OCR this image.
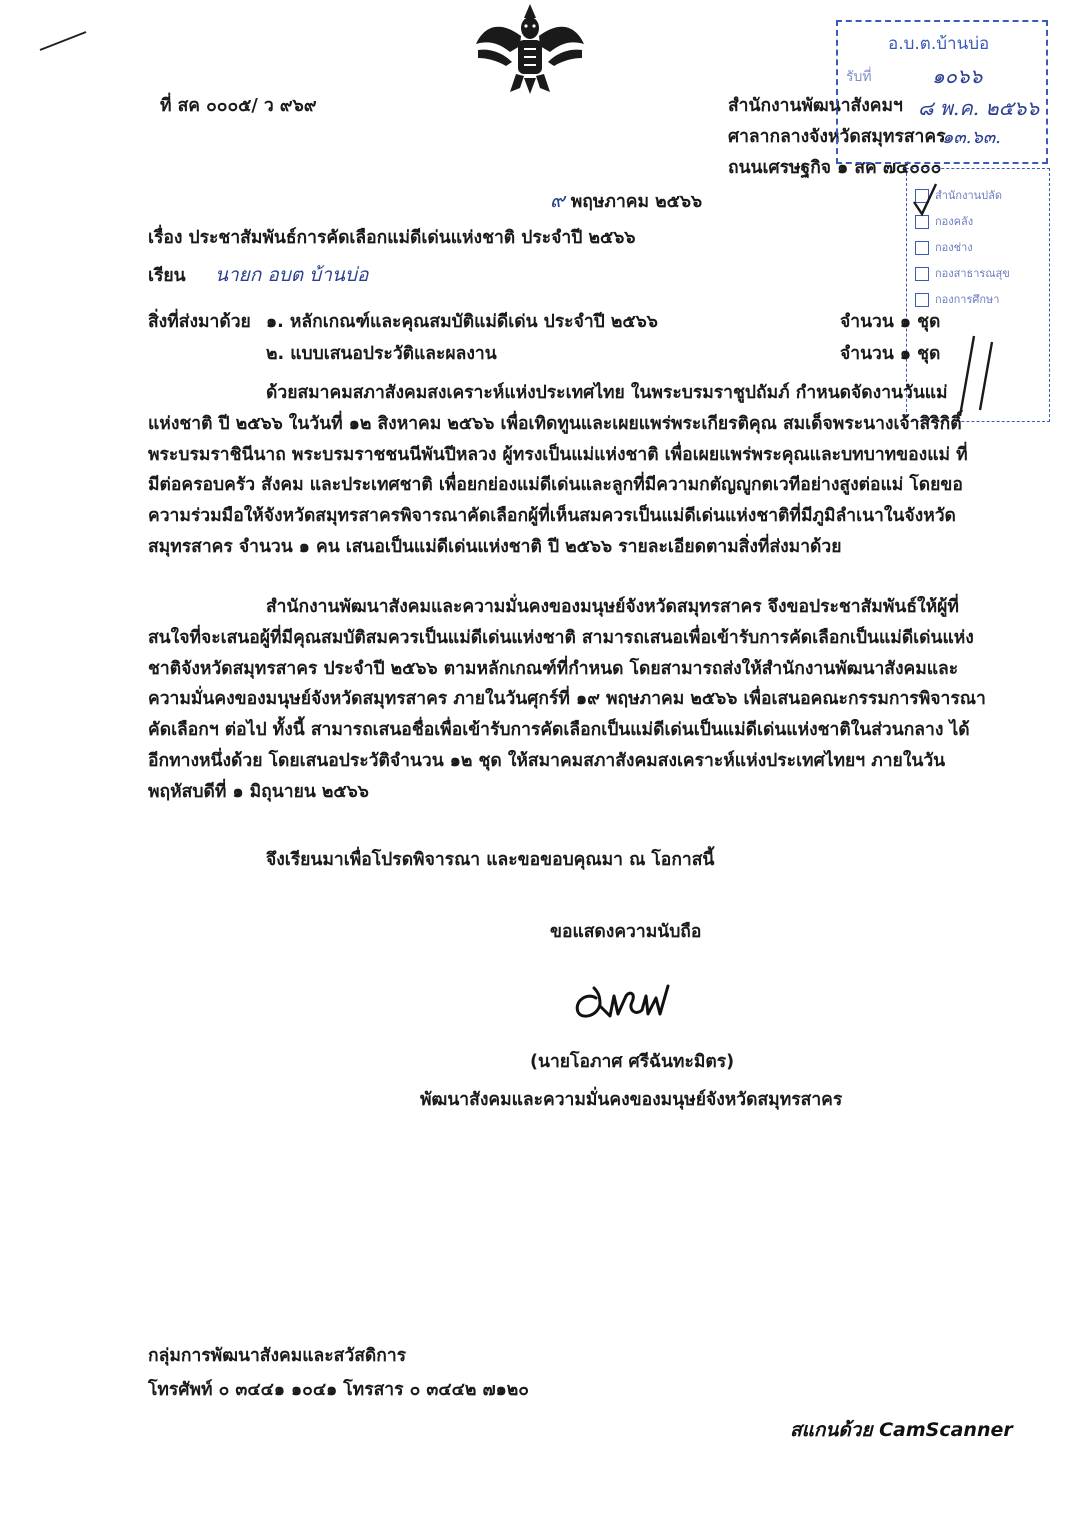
ที่ สค ๐๐๐๕/ ว ๙๖๙	สำนักงานพัฒนาสังคมฯ
ศาลากลางจังหวัดสมุทรสาคร
ถนนเศรษฐกิจ ๑ สค ๗๔๐๐๐
อ.บ.ต.บ้านบ่อ
รับที่	๑๐๖๖
๘ พ.ค. ๒๕๖๖
๑๓.๖๓.
๙ พฤษภาคม ๒๕๖๖	สำนักงานปลัด
กองคลัง
กองช่าง
กองสาธารณสุข
กองการศึกษา
เรื่อง ประชาสัมพันธ์การคัดเลือกแม่ดีเด่นแห่งชาติ ประจำปี ๒๕๖๖
เรียน นายก อบต บ้านบ่อ
สิ่งที่ส่งมาด้วย ๑. หลักเกณฑ์และคุณสมบัติแม่ดีเด่น ประจำปี ๒๕๖๖	จำนวน ๑ ชุด
๒. แบบเสนอประวัติและผลงาน	จำนวน ๑ ชุด
ด้วยสมาคมสภาสังคมสงเคราะห์แห่งประเทศไทย ในพระบรมราชูปถัมภ์ กำหนดจัดงานวันแม่แห่งชาติ ปี ๒๕๖๖ ในวันที่ ๑๒ สิงหาคม ๒๕๖๖ เพื่อเทิดทูนและเผยแพร่พระเกียรติคุณ สมเด็จพระนางเจ้าสิริกิติ์ พระบรมราชินีนาถ พระบรมราชชนนีพันปีหลวง ผู้ทรงเป็นแม่แห่งชาติ เพื่อเผยแพร่พระคุณและบทบาทของแม่ ที่มีต่อครอบครัว สังคม และประเทศชาติ เพื่อยกย่องแม่ดีเด่นและลูกที่มีความกตัญญูกตเวทีอย่างสูงต่อแม่ โดยขอความร่วมมือให้จังหวัดสมุทรสาครพิจารณาคัดเลือกผู้ที่เห็นสมควรเป็นแม่ดีเด่นแห่งชาติที่มีภูมิลำเนาในจังหวัดสมุทรสาคร จำนวน ๑ คน เสนอเป็นแม่ดีเด่นแห่งชาติ ปี ๒๕๖๖ รายละเอียดตามสิ่งที่ส่งมาด้วย
สำนักงานพัฒนาสังคมและความมั่นคงของมนุษย์จังหวัดสมุทรสาคร จึงขอประชาสัมพันธ์ให้ผู้ที่สนใจที่จะเสนอผู้ที่มีคุณสมบัติสมควรเป็นแม่ดีเด่นแห่งชาติ สามารถเสนอเพื่อเข้ารับการคัดเลือกเป็นแม่ดีเด่นแห่งชาติจังหวัดสมุทรสาคร ประจำปี ๒๕๖๖ ตามหลักเกณฑ์ที่กำหนด โดยสามารถส่งให้สำนักงานพัฒนาสังคมและความมั่นคงของมนุษย์จังหวัดสมุทรสาคร ภายในวันศุกร์ที่ ๑๙ พฤษภาคม ๒๕๖๖ เพื่อเสนอคณะกรรมการพิจารณาคัดเลือกฯ ต่อไป ทั้งนี้ สามารถเสนอชื่อเพื่อเข้ารับการคัดเลือกเป็นแม่ดีเด่นเป็นแม่ดีเด่นแห่งชาติในส่วนกลาง ได้อีกทางหนึ่งด้วย โดยเสนอประวัติจำนวน ๑๒ ชุด ให้สมาคมสภาสังคมสงเคราะห์แห่งประเทศไทยฯ ภายในวันพฤหัสบดีที่ ๑ มิถุนายน ๒๕๖๖
จึงเรียนมาเพื่อโปรดพิจารณา และขอขอบคุณมา ณ โอกาสนี้
ขอแสดงความนับถือ
(นายโอภาศ ศรีฉันทะมิตร)
พัฒนาสังคมและความมั่นคงของมนุษย์จังหวัดสมุทรสาคร
กลุ่มการพัฒนาสังคมและสวัสดิการ
โทรศัพท์ ๐ ๓๔๔๑ ๑๐๔๑ โทรสาร ๐ ๓๔๔๒ ๗๑๒๐
สแกนด้วย CamScanner
